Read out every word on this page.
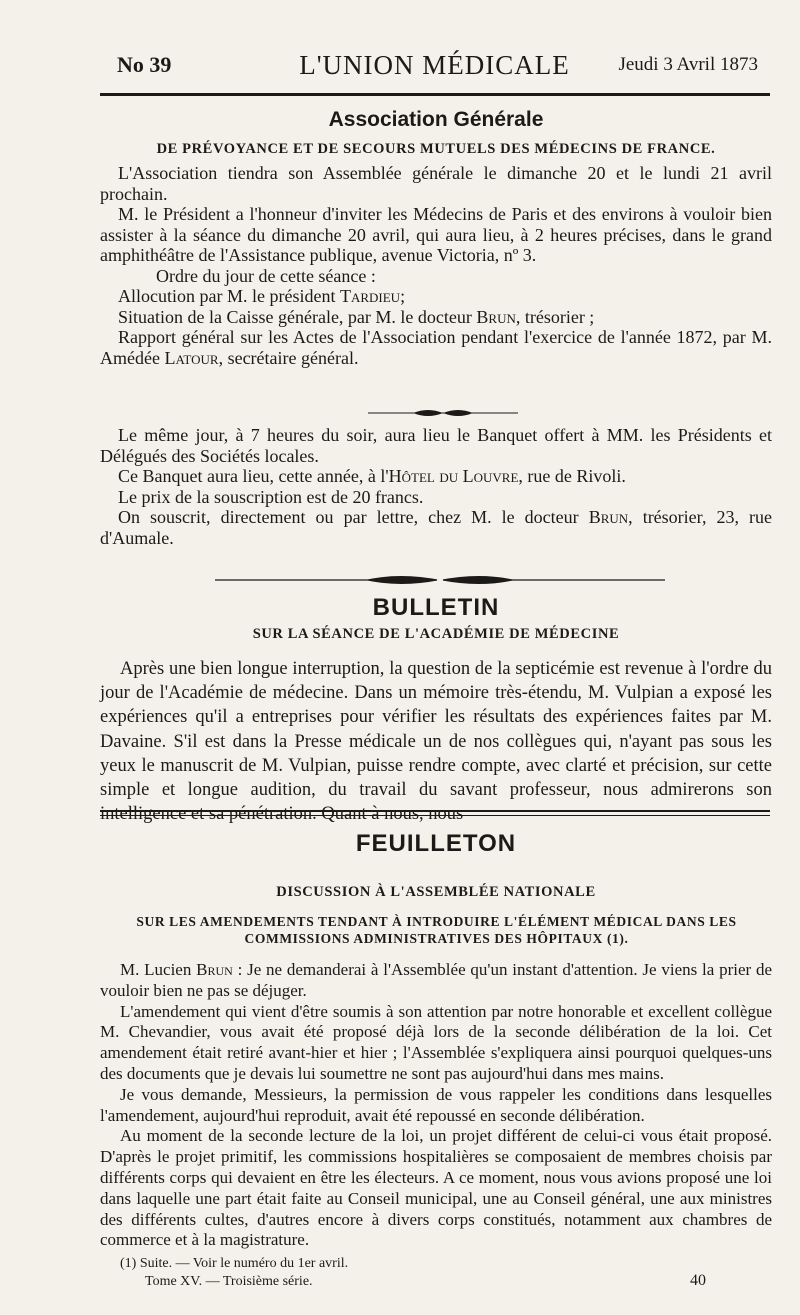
No 39	L'UNION MÉDICALE	Jeudi 3 Avril 1873
Association Générale
DE PRÉVOYANCE ET DE SECOURS MUTUELS DES MÉDECINS DE FRANCE.

L'Association tiendra son Assemblée générale le dimanche 20 et le lundi 21 avril prochain.

M. le Président a l'honneur d'inviter les Médecins de Paris et des environs à vouloir bien assister à la séance du dimanche 20 avril, qui aura lieu, à 2 heures précises, dans le grand amphithéâtre de l'Assistance publique, avenue Victoria, nº 3.

Ordre du jour de cette séance :

Allocution par M. le président Tardieu;

Situation de la Caisse générale, par M. le docteur Brun, trésorier ;

Rapport général sur les Actes de l'Association pendant l'exercice de l'année 1872, par M. Amédée Latour, secrétaire général.

Le même jour, à 7 heures du soir, aura lieu le Banquet offert à MM. les Présidents et Délégués des Sociétés locales.

Ce Banquet aura lieu, cette année, à l'Hôtel du Louvre, rue de Rivoli.

Le prix de la souscription est de 20 francs.

On souscrit, directement ou par lettre, chez M. le docteur Brun, trésorier, 23, rue d'Aumale.

BULLETIN
SUR LA SÉANCE DE L'ACADÉMIE DE MÉDECINE

Après une bien longue interruption, la question de la septicémie est revenue à l'ordre du jour de l'Académie de médecine. Dans un mémoire très-étendu, M. Vulpian a exposé les expériences qu'il a entreprises pour vérifier les résultats des expériences faites par M. Davaine. S'il est dans la Presse médicale un de nos collègues qui, n'ayant pas sous les yeux le manuscrit de M. Vulpian, puisse rendre compte, avec clarté et précision, sur cette simple et longue audition, du travail du savant professeur, nous admirerons son intelligence et sa pénétration. Quant à nous, nous

FEUILLETON
DISCUSSION À L'ASSEMBLÉE NATIONALE
SUR LES AMENDEMENTS TENDANT À INTRODUIRE L'ÉLÉMENT MÉDICAL DANS LES COMMISSIONS ADMINISTRATIVES DES HÔPITAUX (1).

M. Lucien Brun : Je ne demanderai à l'Assemblée qu'un instant d'attention. Je viens la prier de vouloir bien ne pas se déjuger.

L'amendement qui vient d'être soumis à son attention par notre honorable et excellent collègue M. Chevandier, vous avait été proposé déjà lors de la seconde délibération de la loi. Cet amendement était retiré avant-hier et hier ; l'Assemblée s'expliquera ainsi pourquoi quelques-uns des documents que je devais lui soumettre ne sont pas aujourd'hui dans mes mains.

Je vous demande, Messieurs, la permission de vous rappeler les conditions dans lesquelles l'amendement, aujourd'hui reproduit, avait été repoussé en seconde délibération.

Au moment de la seconde lecture de la loi, un projet différent de celui-ci vous était proposé. D'après le projet primitif, les commissions hospitalières se composaient de membres choisis par différents corps qui devaient en être les électeurs. A ce moment, nous vous avions proposé une loi dans laquelle une part était faite au Conseil municipal, une au Conseil général, une aux ministres des différents cultes, d'autres encore à divers corps constitués, notamment aux chambres de commerce et à la magistrature.

(1) Suite. — Voir le numéro du 1er avril.
Tome XV. — Troisième série.	40
